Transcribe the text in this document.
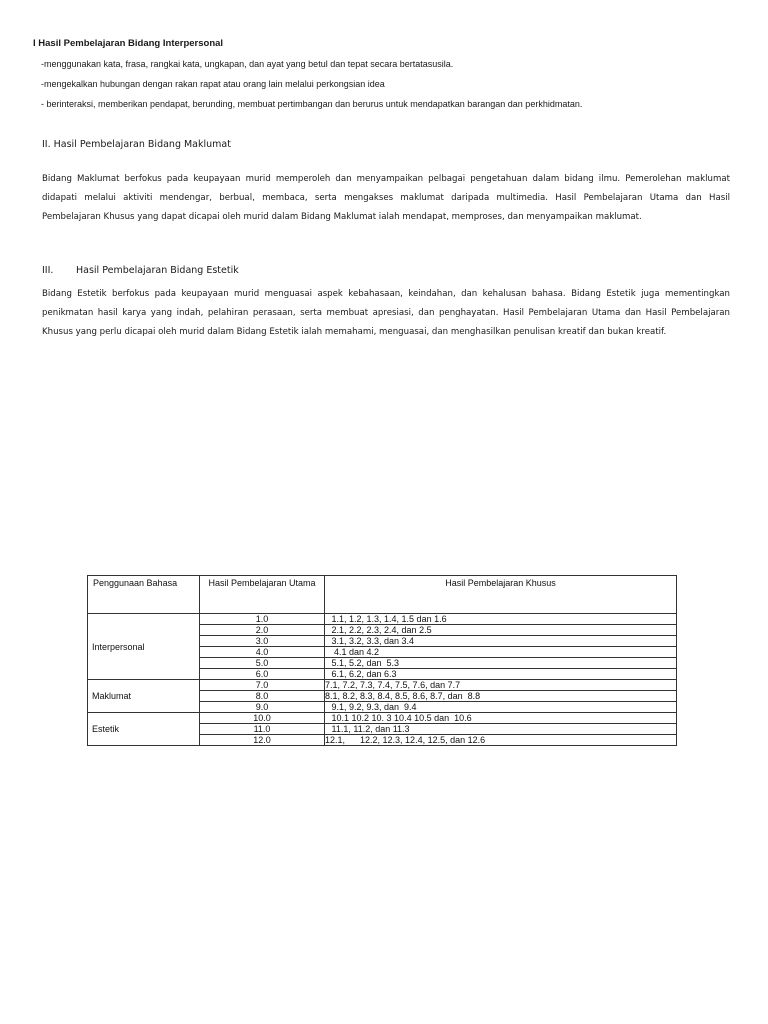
I Hasil Pembelajaran Bidang Interpersonal
-menggunakan kata, frasa, rangkai kata, ungkapan, dan ayat yang betul dan tepat secara bertatasusila.
-mengekalkan hubungan dengan rakan rapat atau orang lain melalui perkongsian idea
- berinteraksi, memberikan pendapat, berunding, membuat pertimbangan dan berurus untuk mendapatkan barangan dan perkhidmatan.
II. Hasil Pembelajaran Bidang Maklumat
Bidang Maklumat berfokus pada keupayaan murid memperoleh dan menyampaikan pelbagai pengetahuan dalam bidang ilmu. Pemerolehan maklumat
didapati melalui aktiviti mendengar, berbual, membaca, serta mengakses maklumat daripada multimedia. Hasil Pembelajaran Utama dan Hasil
Pembelajaran Khusus yang dapat dicapai oleh murid dalam Bidang Maklumat ialah mendapat, memproses, dan menyampaikan maklumat.
III. Hasil Pembelajaran Bidang Estetik
Bidang Estetik berfokus pada keupayaan murid menguasai aspek kebahasaan, keindahan, dan kehalusan bahasa. Bidang Estetik juga mementingkan
penikmatan hasil karya yang indah, pelahiran perasaan, serta membuat apresiasi, dan penghayatan. Hasil Pembelajaran Utama dan Hasil Pembelajaran
Khusus yang perlu dicapai oleh murid dalam Bidang Estetik ialah memahami, menguasai, dan menghasilkan penulisan kreatif dan bukan kreatif.
Penggunaan Bahasa	Hasil Pembelajaran Utama	Hasil Pembelajaran Khusus
Interpersonal	1.0	1.1, 1.2, 1.3, 1.4, 1.5 dan 1.6
	2.0	2.1, 2.2, 2.3, 2.4, dan 2.5
	3.0	3.1, 3.2, 3.3, dan 3.4
	4.0	4.1 dan 4.2
	5.0	5.1, 5.2, dan  5.3
	6.0	6.1, 6.2, dan 6.3
Maklumat	7.0	7.1, 7.2, 7.3, 7.4, 7.5, 7.6, dan 7.7
	8.0	8.1, 8.2, 8.3, 8.4, 8.5, 8.6, 8.7, dan  8.8
	9.0	9.1, 9.2, 9.3, dan  9.4
Estetik	10.0	10.1 10.2 10. 3 10.4 10.5 dan  10.6
	11.0	11.1, 11.2, dan 11.3
	12.0	12.1,      12.2, 12.3, 12.4, 12.5, dan 12.6
